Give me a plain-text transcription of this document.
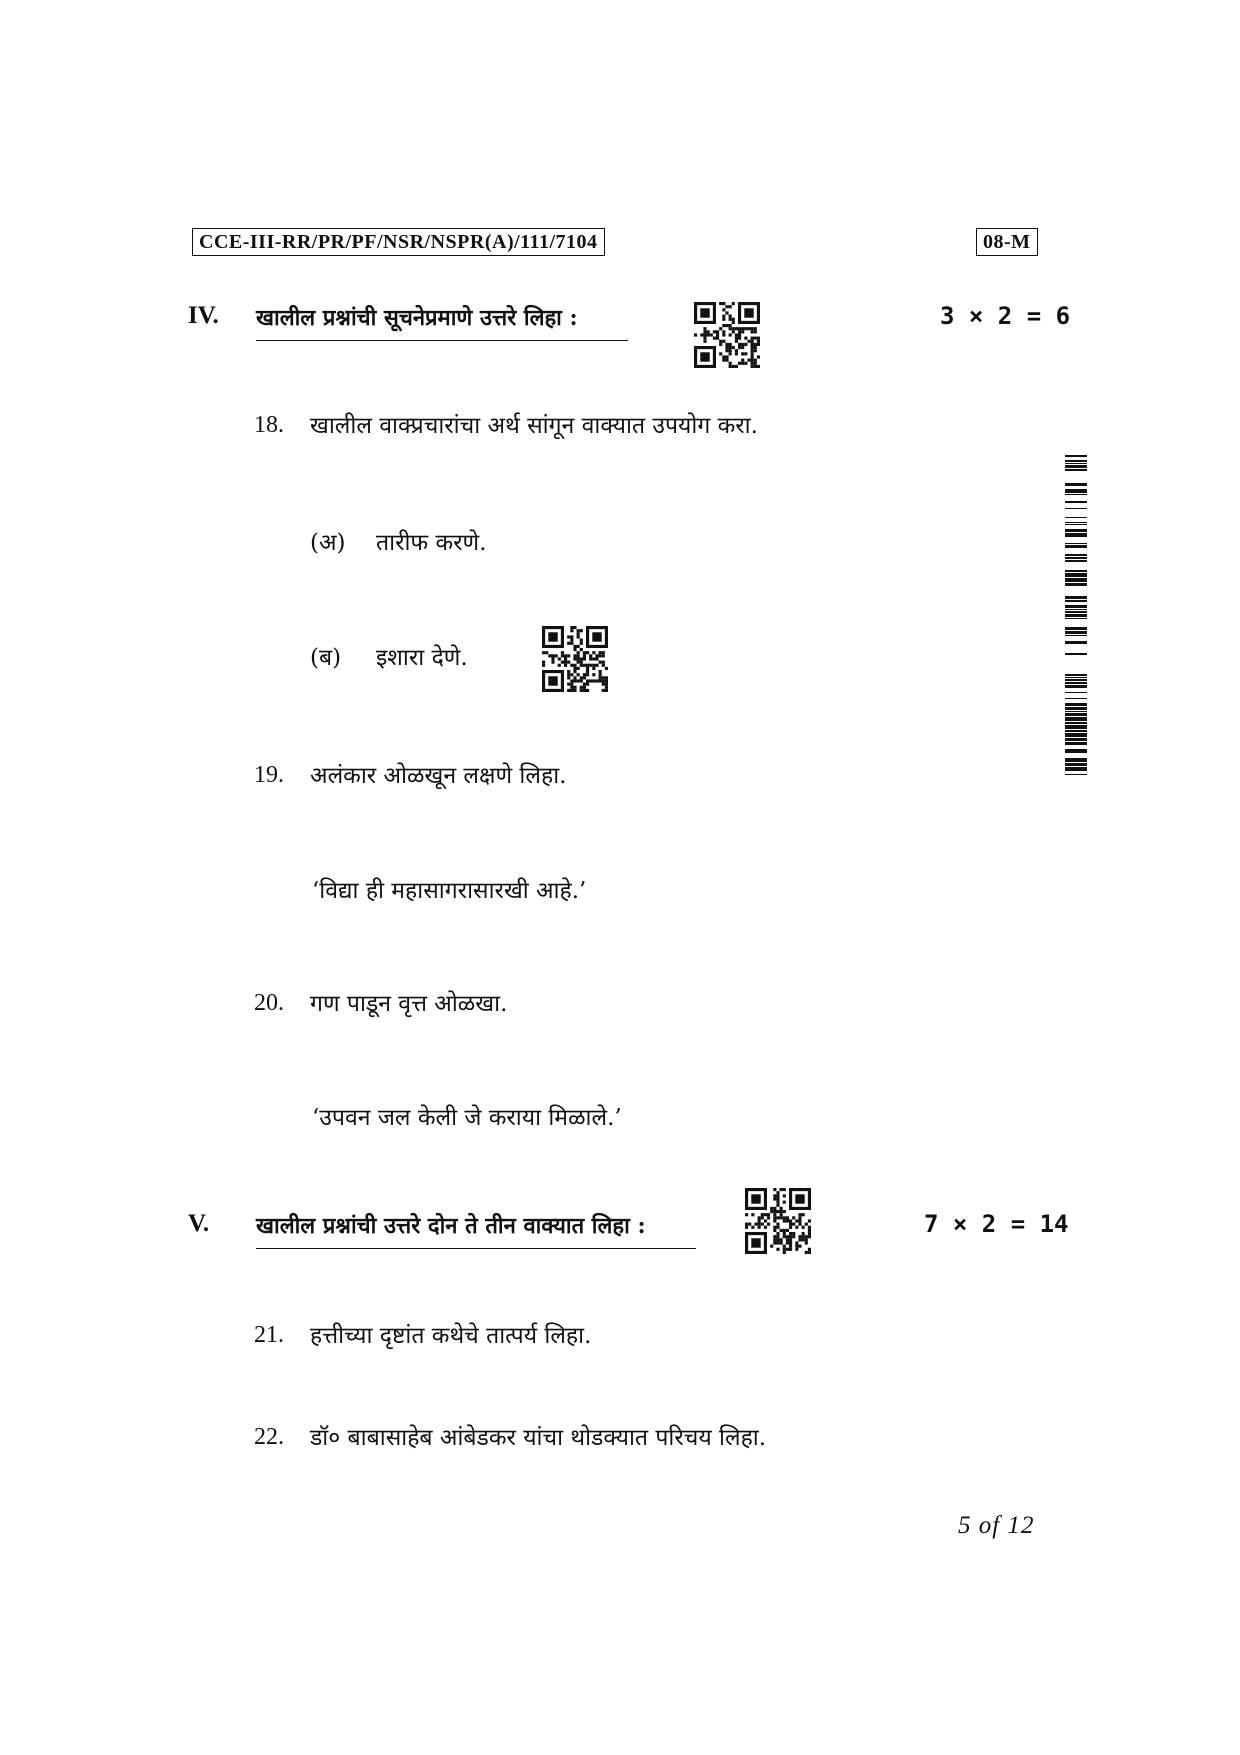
CCE-III-RR/PR/PF/NSR/NSPR(A)/111/7104	08-M
IV. खालील प्रश्नांची सूचनेप्रमाणे उत्तरे लिहा :	3 × 2 = 6
18. खालील वाक्प्रचारांचा अर्थ सांगून वाक्यात उपयोग करा.
(अ) तारीफ करणे.
(ब) इशारा देणे.
19. अलंकार ओळखून लक्षणे लिहा.
‘विद्या ही महासागरासारखी आहे.’
20. गण पाडून वृत्त ओळखा.
‘उपवन जल केली जे कराया मिळाले.’
V. खालील प्रश्नांची उत्तरे दोन ते तीन वाक्यात लिहा :	7 × 2 = 14
21. हत्तीच्या दृष्टांत कथेचे तात्पर्य लिहा.
22. डॉ० बाबासाहेब आंबेडकर यांचा थोडक्यात परिचय लिहा.
5 of 12
